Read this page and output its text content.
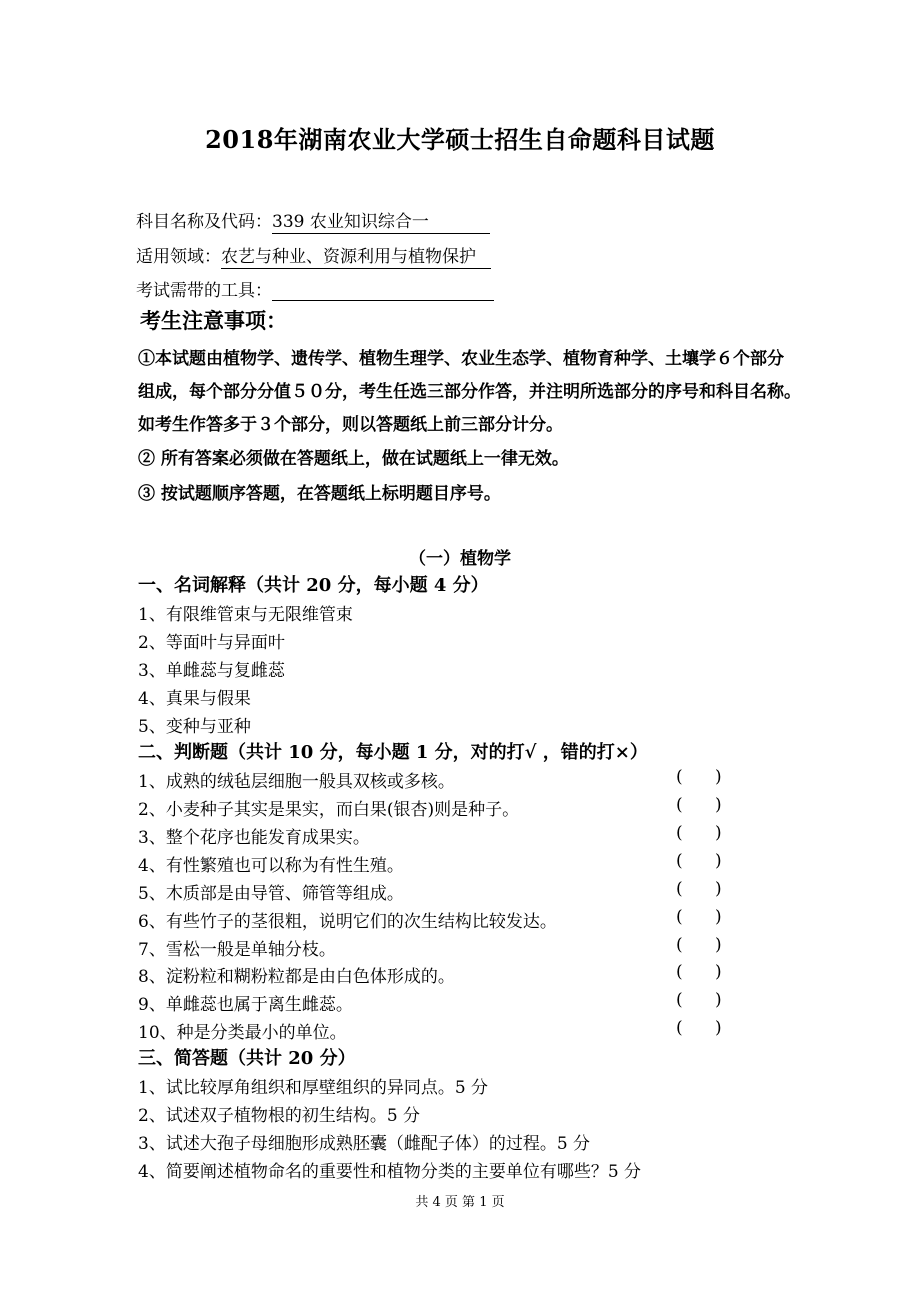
2018年湖南农业大学硕士招生自命题科目试题
科目名称及代码：339 农业知识综合一
适用领域：农艺与种业、资源利用与植物保护
考试需带的工具：
考生注意事项：
①本试题由植物学、遗传学、植物生理学、农业生态学、植物育种学、土壤学６个部分
组成，每个部分分值５０分，考生任选三部分作答，并注明所选部分的序号和科目名称。
如考生作答多于３个部分，则以答题纸上前三部分计分。
② 所有答案必须做在答题纸上，做在试题纸上一律无效。
③ 按试题顺序答题，在答题纸上标明题目序号。
（一）植物学
一、名词解释（共计 20 分，每小题 4 分）
1、有限维管束与无限维管束
2、等面叶与异面叶
3、单雌蕊与复雌蕊
4、真果与假果
5、变种与亚种
二、判断题（共计 10 分，每小题 1 分，对的打√ ，错的打×）
1、成熟的绒毡层细胞一般具双核或多核。	(      )
2、小麦种子其实是果实，而白果(银杏)则是种子。	(      )
3、整个花序也能发育成果实。	(      )
4、有性繁殖也可以称为有性生殖。	(      )
5、木质部是由导管、筛管等组成。	(      )
6、有些竹子的茎很粗，说明它们的次生结构比较发达。	(      )
7、雪松一般是单轴分枝。	(      )
8、淀粉粒和糊粉粒都是由白色体形成的。	(      )
9、单雌蕊也属于离生雌蕊。	(      )
10、种是分类最小的单位。	(      )
三、简答题（共计 20 分）
1、试比较厚角组织和厚壁组织的异同点。5 分
2、试述双子植物根的初生结构。5 分
3、试述大孢子母细胞形成熟胚囊（雌配子体）的过程。5 分
4、简要阐述植物命名的重要性和植物分类的主要单位有哪些？5 分
共 4 页 第 1 页
